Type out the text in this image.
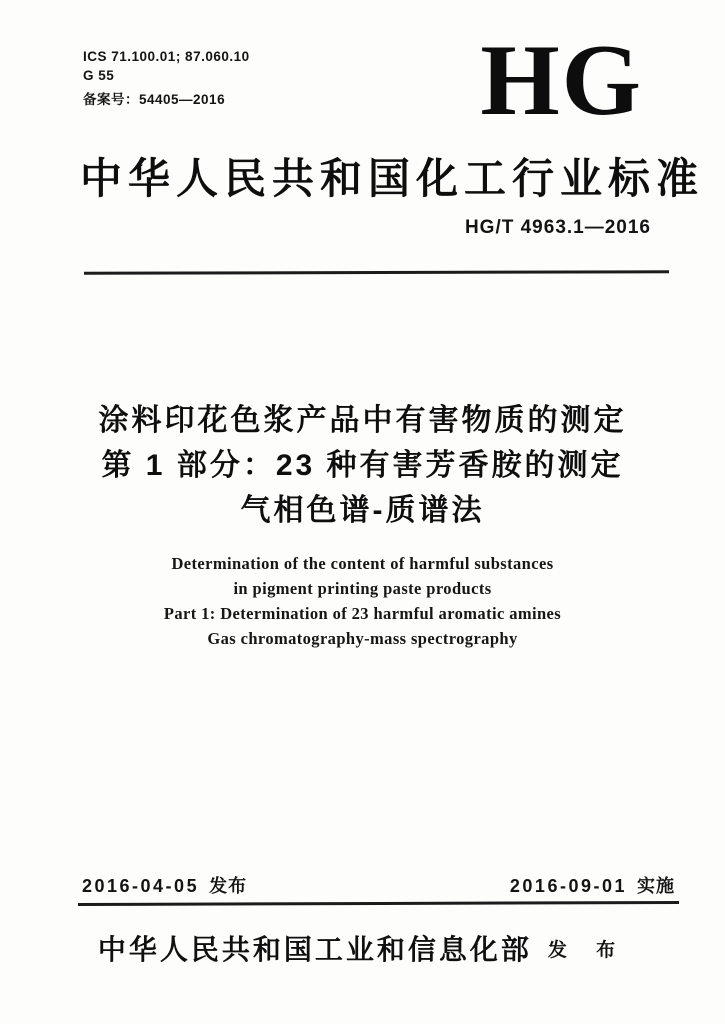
ICS 71.100.01; 87.060.10
G 55
备案号：54405—2016	HG
中华人民共和国化工行业标准
HG/T 4963.1—2016
涂料印花色浆产品中有害物质的测定
第 1 部分：23 种有害芳香胺的测定
气相色谱-质谱法
Determination of the content of harmful substances
in pigment printing paste products
Part 1: Determination of 23 harmful aromatic amines
Gas chromatography-mass spectrography
2016-04-05 发布	2016-09-01 实施
中华人民共和国工业和信息化部 发 布
